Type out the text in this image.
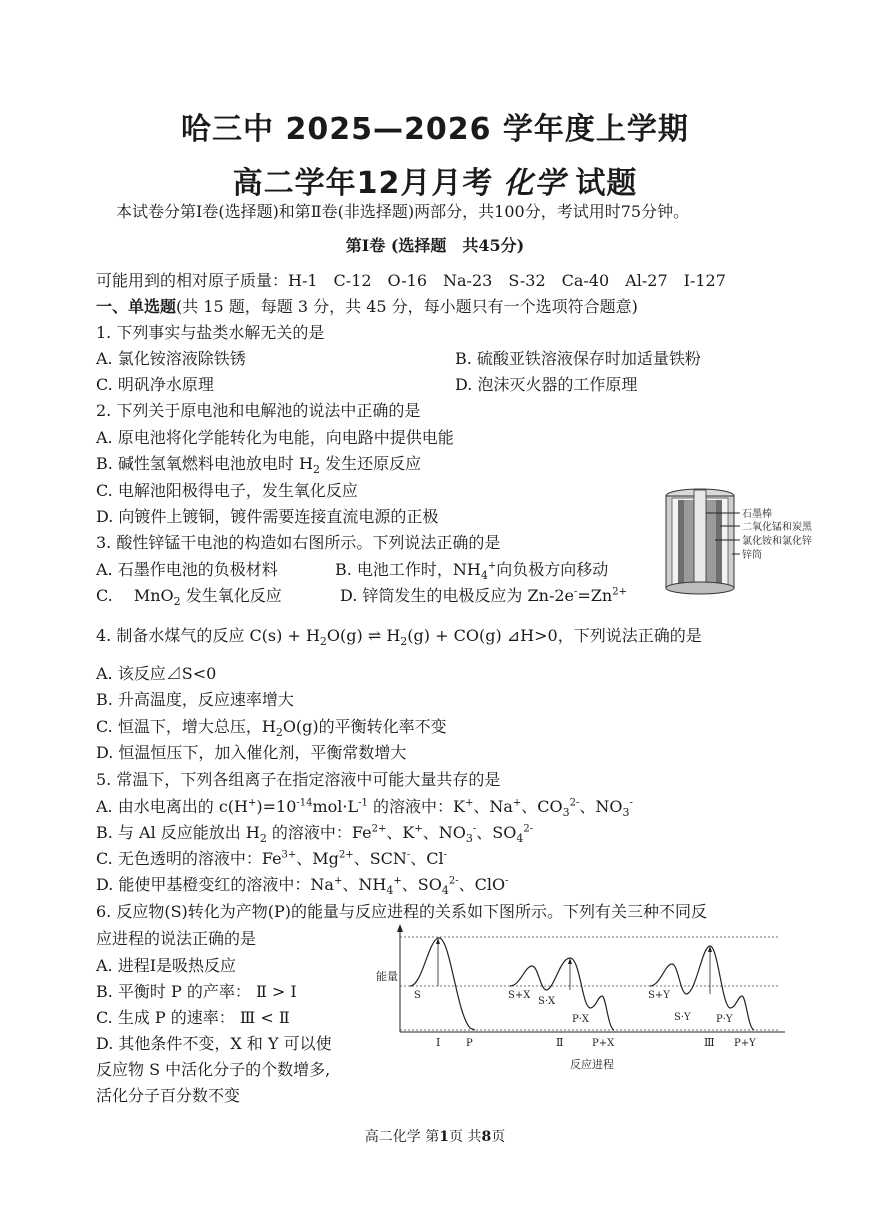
哈三中 2025—2026 学年度上学期
高二学年12月月考 化学 试题
本试卷分第Ⅰ卷(选择题)和第Ⅱ卷(非选择题)两部分，共100分，考试用时75分钟。
第Ⅰ卷 (选择题　共45分)
可能用到的相对原子质量：H-1　C-12　O-16　Na-23　S-32　Ca-40　Al-27　I-127
一、单选题(共 15 题，每题 3 分，共 45 分，每小题只有一个选项符合题意)
1. 下列事实与盐类水解无关的是
A. 氯化铵溶液除铁锈	B. 硫酸亚铁溶液保存时加适量铁粉
C. 明矾净水原理	D. 泡沫灭火器的工作原理
2. 下列关于原电池和电解池的说法中正确的是
A. 原电池将化学能转化为电能，向电路中提供电能
B. 碱性氢氧燃料电池放电时 $H_2$ 发生还原反应
C. 电解池阳极得电子，发生氧化反应
D. 向镀件上镀铜，镀件需要连接直流电源的正极
3. 酸性锌锰干电池的构造如右图所示。下列说法正确的是
A. 石墨作电池的负极材料	B. 电池工作时，$NH_4^+$向负极方向移动
C.　 MnO$_2$ 发生氧化反应	D. 锌筒发生的电极反应为 $Zn-2e^-=Zn^{2+}$
石墨棒
二氧化锰和炭黑
氯化铵和氯化锌
锌筒
4. 制备水煤气的反应 $C(s) + H_2O(g)$ ⇌ $H_2(g) + CO(g)$ ⊿H>0，下列说法正确的是
A. 该反应⊿S<0
B. 升高温度，反应速率增大
C. 恒温下，增大总压，$H_2O(g)$的平衡转化率不变
D. 恒温恒压下，加入催化剂，平衡常数增大
5. 常温下，下列各组离子在指定溶液中可能大量共存的是
A. 由水电离出的 $c(H^+)=10^{-14}mol\cdot L^{-1}$ 的溶液中：K+、Na+、$CO_3^{2-}$、$NO_3^-$
B. 与 Al 反应能放出 $H_2$ 的溶液中：$Fe^{2+}$、K+、$NO_3^-$、$SO_4^{2-}$
C. 无色透明的溶液中：$Fe^{3+}$、$Mg^{2+}$、SCN-、Cl-
D. 能使甲基橙变红的溶液中：Na+、$NH_4^+$、$SO_4^{2-}$、ClO-
6. 反应物(S)转化为产物(P)的能量与反应进程的关系如下图所示。下列有关三种不同反
应进程的说法正确的是
A. 进程Ⅰ是吸热反应
B. 平衡时 P 的产率： Ⅱ > Ⅰ
C. 生成 P 的速率： Ⅲ < Ⅱ
D. 其他条件不变，X 和 Y 可以使
反应物 S 中活化分子的个数增多,
活化分子百分数不变
能量
反应进程
Ⅰ	Ⅱ	Ⅲ
S
P
S+X
S·X
P·X
P+X
S+Y
S·Y	P·Y
P+Y
高二化学 第1页 共8页
